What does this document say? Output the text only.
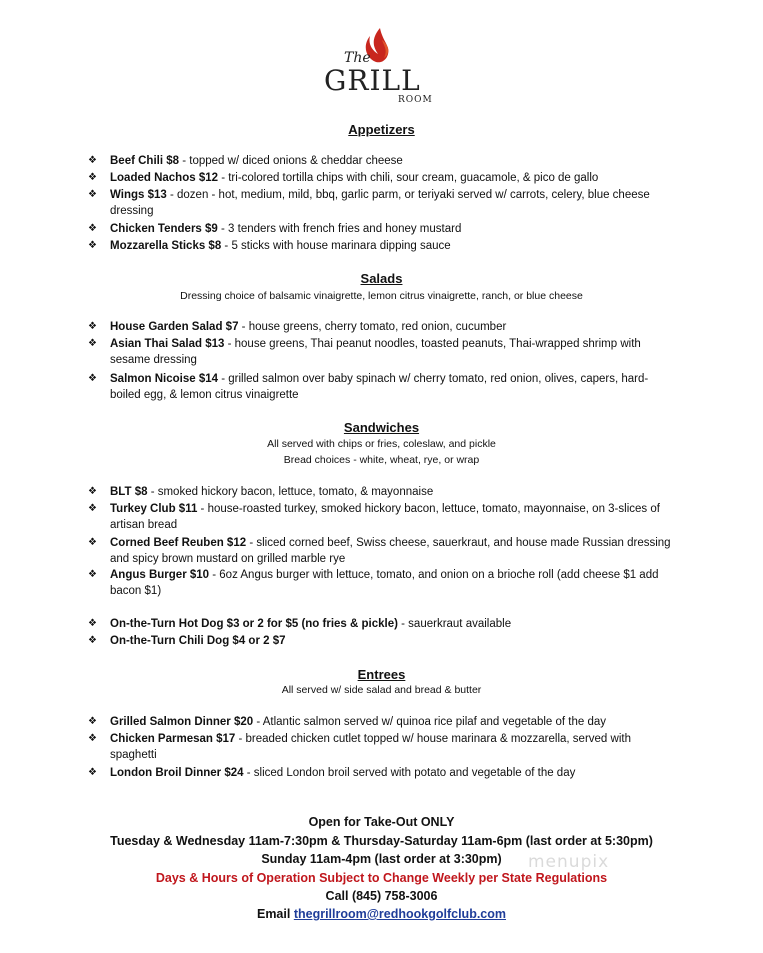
The
GRILL
ROOM
Appetizers
❖	Beef Chili $8 - topped w/ diced onions & cheddar cheese
❖	Loaded Nachos $12 - tri-colored tortilla chips with chili, sour cream, guacamole, & pico de gallo
❖	Wings $13 - dozen - hot, medium, mild, bbq, garlic parm, or teriyaki served w/ carrots, celery, blue cheese dressing
❖	Chicken Tenders $9 - 3 tenders with french fries and honey mustard
❖	Mozzarella Sticks $8 - 5 sticks with house marinara dipping sauce
Salads
Dressing choice of balsamic vinaigrette, lemon citrus vinaigrette, ranch, or blue cheese
❖	House Garden Salad $7 - house greens, cherry tomato, red onion, cucumber
❖	Asian Thai Salad $13 - house greens, Thai peanut noodles, toasted peanuts, Thai-wrapped shrimp with sesame dressing
❖	Salmon Nicoise $14 - grilled salmon over baby spinach w/ cherry tomato, red onion, olives, capers, hard-boiled egg, & lemon citrus vinaigrette
Sandwiches
All served with chips or fries, coleslaw, and pickle
Bread choices - white, wheat, rye, or wrap
❖	BLT $8 - smoked hickory bacon, lettuce, tomato, & mayonnaise
❖	Turkey Club $11 - house-roasted turkey, smoked hickory bacon, lettuce, tomato, mayonnaise, on 3-slices of artisan bread
❖	Corned Beef Reuben $12 - sliced corned beef, Swiss cheese, sauerkraut, and house made Russian dressing and spicy brown mustard on grilled marble rye
❖	Angus Burger $10 - 6oz Angus burger with lettuce, tomato, and onion on a brioche roll (add cheese $1 add bacon $1)
❖	On-the-Turn Hot Dog $3 or 2 for $5 (no fries & pickle) - sauerkraut available
❖	On-the-Turn Chili Dog $4 or 2 $7
Entrees
All served w/ side salad and bread & butter
❖	Grilled Salmon Dinner $20 - Atlantic salmon served w/ quinoa rice pilaf and vegetable of the day
❖	Chicken Parmesan $17 - breaded chicken cutlet topped w/ house marinara & mozzarella, served with spaghetti
❖	London Broil Dinner $24 - sliced London broil served with potato and vegetable of the day
Open for Take-Out ONLY
Tuesday & Wednesday 11am-7:30pm & Thursday-Saturday 11am-6pm (last order at 5:30pm)
Sunday 11am-4pm (last order at 3:30pm)
Days & Hours of Operation Subject to Change Weekly per State Regulations
Call (845) 758-3006
Email thegrillroom@redhookgolfclub.com
menupix
